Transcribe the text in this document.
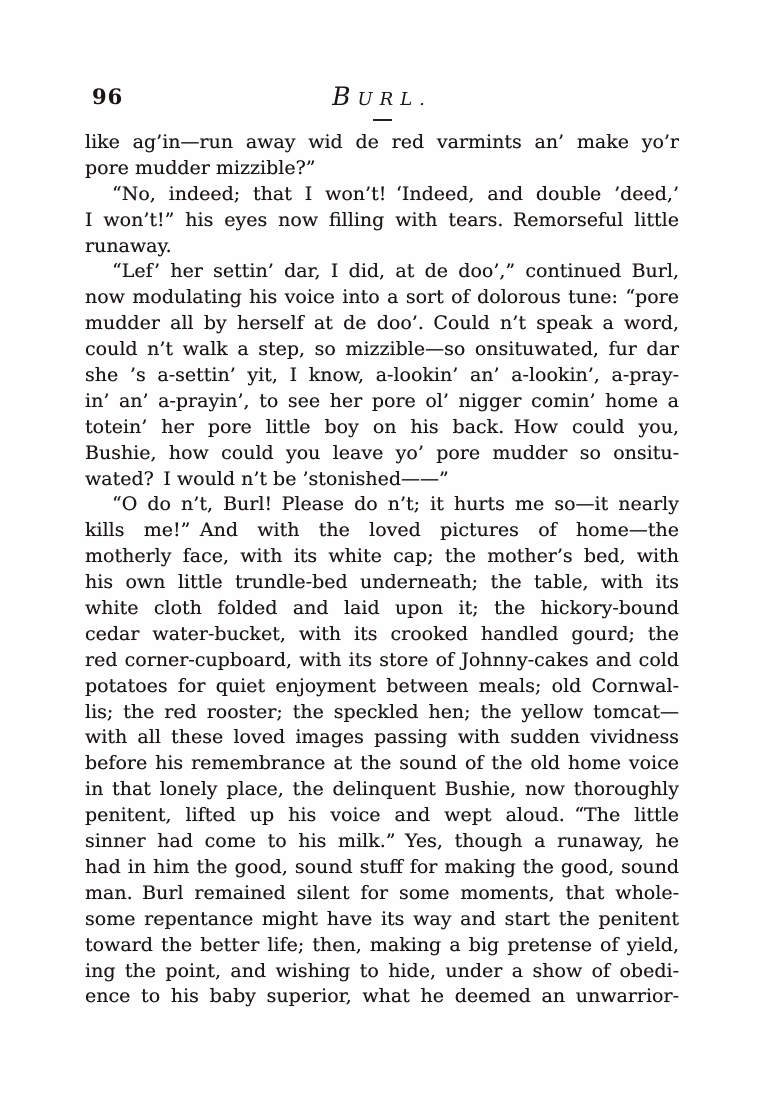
96	BURL.
like ag’in—run away wid de red varmints an’ make yo’r
pore mudder mizzible?”
“No, indeed; that I won’t! ‘Indeed, and double ’deed,’
I won’t!” his eyes now filling with tears. Remorseful little
runaway.
“Lef’ her settin’ dar, I did, at de doo’,” continued Burl,
now modulating his voice into a sort of dolorous tune: “pore
mudder all by herself at de doo’. Could n’t speak a word,
could n’t walk a step, so mizzible—so onsituwated, fur dar
she ’s a-settin’ yit, I know, a-lookin’ an’ a-lookin’, a-pray-
in’ an’ a-prayin’, to see her pore ol’ nigger comin’ home a
totein’ her pore little boy on his back. How could you,
Bushie, how could you leave yo’ pore mudder so onsitu-
wated? I would n’t be ’stonished——”
“O do n’t, Burl! Please do n’t; it hurts me so—it nearly
kills me!” And with the loved pictures of home—the
motherly face, with its white cap; the mother’s bed, with
his own little trundle-bed underneath; the table, with its
white cloth folded and laid upon it; the hickory-bound
cedar water-bucket, with its crooked handled gourd; the
red corner-cupboard, with its store of Johnny-cakes and cold
potatoes for quiet enjoyment between meals; old Cornwal-
lis; the red rooster; the speckled hen; the yellow tomcat—
with all these loved images passing with sudden vividness
before his remembrance at the sound of the old home voice
in that lonely place, the delinquent Bushie, now thoroughly
penitent, lifted up his voice and wept aloud. “The little
sinner had come to his milk.” Yes, though a runaway, he
had in him the good, sound stuff for making the good, sound
man. Burl remained silent for some moments, that whole-
some repentance might have its way and start the penitent
toward the better life; then, making a big pretense of yield,
ing the point, and wishing to hide, under a show of obedi-
ence to his baby superior, what he deemed an unwarrior-
